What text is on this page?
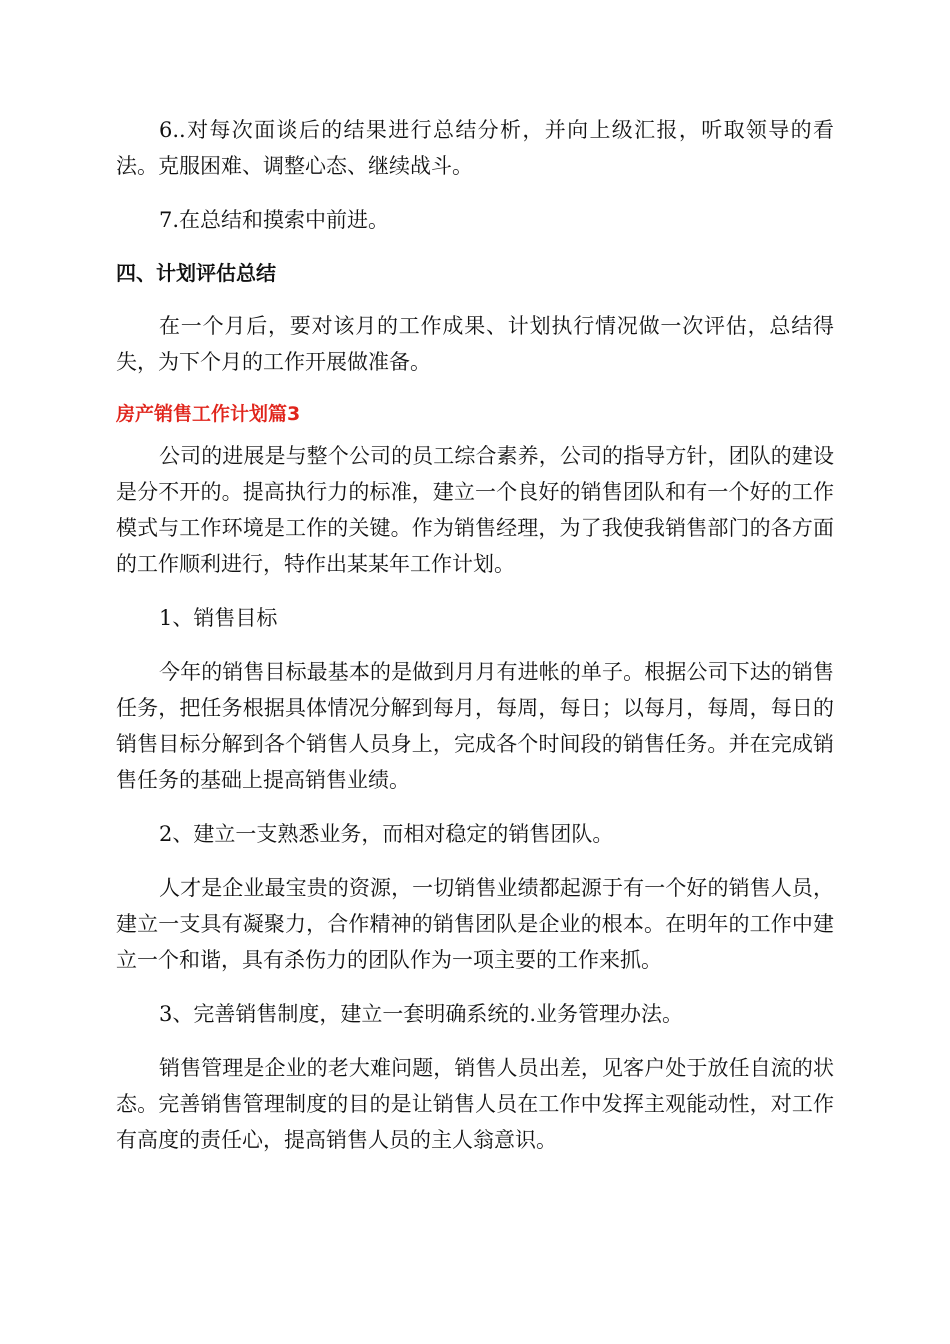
6..对每次面谈后的结果进行总结分析，并向上级汇报，听取领导的看法。克服困难、调整心态、继续战斗。

7.在总结和摸索中前进。

四、计划评估总结

在一个月后，要对该月的工作成果、计划执行情况做一次评估，总结得失，为下个月的工作开展做准备。

房产销售工作计划篇3

公司的进展是与整个公司的员工综合素养，公司的指导方针，团队的建设是分不开的。提高执行力的标准，建立一个良好的销售团队和有一个好的工作模式与工作环境是工作的关键。作为销售经理，为了我使我销售部门的各方面的工作顺利进行，特作出某某年工作计划。

1、销售目标

今年的销售目标最基本的是做到月月有进帐的单子。根据公司下达的销售任务，把任务根据具体情况分解到每月，每周，每日；以每月，每周，每日的销售目标分解到各个销售人员身上，完成各个时间段的销售任务。并在完成销售任务的基础上提高销售业绩。

2、建立一支熟悉业务，而相对稳定的销售团队。

人才是企业最宝贵的资源，一切销售业绩都起源于有一个好的销售人员，建立一支具有凝聚力，合作精神的销售团队是企业的根本。在明年的工作中建立一个和谐，具有杀伤力的团队作为一项主要的工作来抓。

3、完善销售制度，建立一套明确系统的.业务管理办法。

销售管理是企业的老大难问题，销售人员出差，见客户处于放任自流的状态。完善销售管理制度的目的是让销售人员在工作中发挥主观能动性，对工作有高度的责任心，提高销售人员的主人翁意识。
